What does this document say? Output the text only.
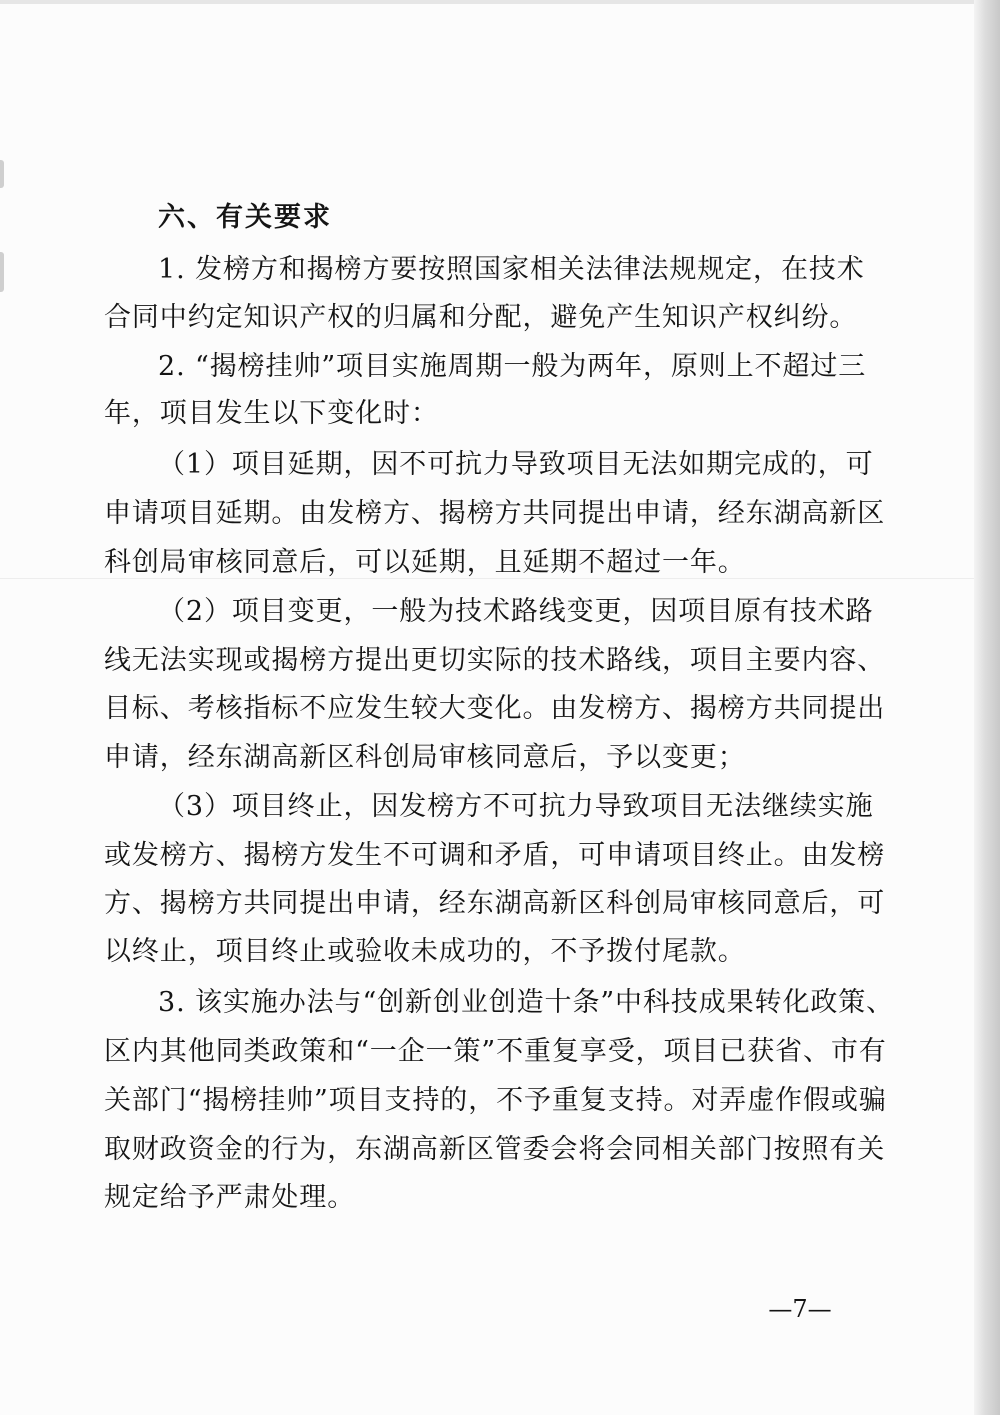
六、有关要求
1. 发榜方和揭榜方要按照国家相关法律法规规定，在技术
合同中约定知识产权的归属和分配，避免产生知识产权纠纷。
2. “揭榜挂帅”项目实施周期一般为两年，原则上不超过三
年，项目发生以下变化时：
（1）项目延期，因不可抗力导致项目无法如期完成的，可
申请项目延期。由发榜方、揭榜方共同提出申请，经东湖高新区
科创局审核同意后，可以延期，且延期不超过一年。
（2）项目变更，一般为技术路线变更，因项目原有技术路
线无法实现或揭榜方提出更切实际的技术路线，项目主要内容、
目标、考核指标不应发生较大变化。由发榜方、揭榜方共同提出
申请，经东湖高新区科创局审核同意后，予以变更；
（3）项目终止，因发榜方不可抗力导致项目无法继续实施
或发榜方、揭榜方发生不可调和矛盾，可申请项目终止。由发榜
方、揭榜方共同提出申请，经东湖高新区科创局审核同意后，可
以终止，项目终止或验收未成功的，不予拨付尾款。
3. 该实施办法与“创新创业创造十条”中科技成果转化政策、
区内其他同类政策和“一企一策”不重复享受，项目已获省、市有
关部门“揭榜挂帅”项目支持的，不予重复支持。对弄虚作假或骗
取财政资金的行为，东湖高新区管委会将会同相关部门按照有关
规定给予严肃处理。
—7—
